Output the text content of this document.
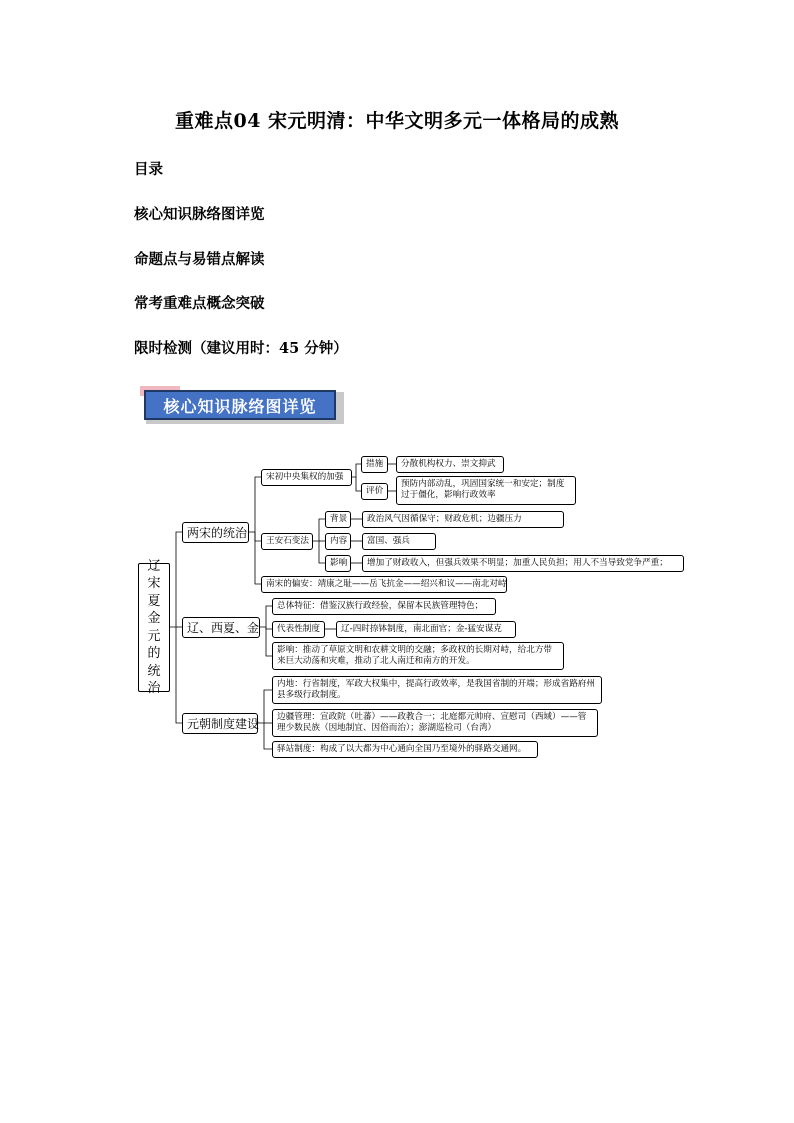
重难点04 宋元明清：中华文明多元一体格局的成熟
目录
核心知识脉络图详览
命题点与易错点解读
常考重难点概念突破
限时检测（建议用时：45 分钟）
核心知识脉络图详览
辽
宋
夏
金
元
的
统
治
两宋的统治
辽、西夏、金
元朝制度建设
宋初中央集权的加强
措施	分散机构权力、崇文抑武
评价
预防内部动乱，巩固国家统一和安定；制度过于僵化，影响行政效率
王安石变法
背景	政治风气因循保守；财政危机；边疆压力
内容	富国、强兵
影响	增加了财政收入，但强兵效果不明显；加重人民负担；用人不当导致党争严重；
南宋的偏安：靖康之耻——岳飞抗金——绍兴和议——南北对峙
总体特征：借鉴汉族行政经验，保留本民族管理特色；
代表性制度	辽-四时捺钵制度，南北面官；金-猛安谋克
影响：推动了草原文明和农耕文明的交融；多政权的长期对峙，给北方带来巨大动荡和灾难，推动了北人南迁和南方的开发。
内地：行省制度，军政大权集中，提高行政效率，是我国省制的开端；形成省路府州县多级行政制度。
边疆管理：宣政院（吐蕃）——政教合一；北庭都元帅府、宣慰司（西域）——管理少数民族（因地制宜、因俗而治）；澎湖巡检司（台湾）
驿站制度：构成了以大都为中心通向全国乃至境外的驿路交通网。
